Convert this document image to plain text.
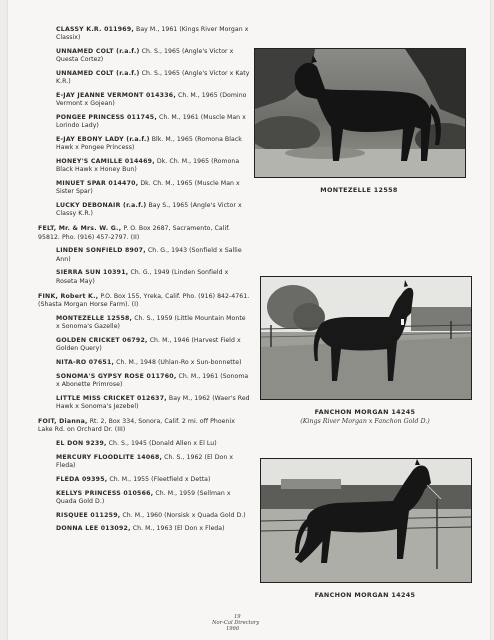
CLASSY K.R. 011969, Bay M., 1961 (Kings River Morgan x Classix)
UNNAMED COLT (r.a.f.) Ch. S., 1965 (Angle's Victor x Questa Cortez)
UNNAMED COLT (r.a.f.) Ch. S., 1965 (Angle's Victor x Katy K.R.)
E-JAY JEANNE VERMONT 014336, Ch. M., 1965 (Domino Vermont x Gojean)
PONGEE PRINCESS 011745, Ch. M., 1961 (Muscle Man x Lorindo Lady)
E-JAY EBONY LADY (r.a.f.) Blk. M., 1965 (Romona Black Hawk x Pongee Princess)
HONEY'S CAMILLE 014469, Dk. Ch. M., 1965 (Romona Black Hawk x Honey Bun)
MINUET SPAR 014470, Dk. Ch. M., 1965 (Muscle Man x Sister Spar)
LUCKY DEBONAIR (r.a.f.) Bay S., 1965 (Angle's Victor x Classy K.R.)
FELT, Mr. & Mrs. W. G., P. O. Box 2687, Sacramento, Calif. 95812. Pho. (916) 457-2797. (II)
LINDEN SONFIELD 8907, Ch. G., 1943 (Sonfield x Sallie Ann)
SIERRA SUN 10391, Ch. G., 1949 (Linden Sonfield x Roseta May)
FINK, Robert K., P.O. Box 155, Yreka, Calif. Pho. (916) 842-4761. (Shasta Morgan Horse Farm). (I)
MONTEZELLE 12558, Ch. S., 1959 (Little Mountain Monte x Sonoma's Gazelle)
GOLDEN CRICKET 06792, Ch. M., 1946 (Harvest Field x Golden Query)
NITA-RO 07651, Ch. M., 1948 (Uhlan-Ro x Sun-bonnette)
SONOMA'S GYPSY ROSE 011760, Ch. M., 1961 (Sonoma x Abonette Primrose)
LITTLE MISS CRICKET 012637, Bay M., 1962 (Waer's Red Hawk x Sonoma's Jezebel)
FOIT, Dianna, Rt. 2, Box 334, Sonora, Calif. 2 mi. off Phoenix Lake Rd. on Orchard Dr. (III)
EL DON 9239, Ch. S., 1945 (Donald Allen x El Lu)
MERCURY FLOODLITE 14068, Ch. S., 1962 (El Don x Fleda)
FLEDA 09395, Ch. M., 1955 (Fleetfield x Detta)
KELLYS PRINCESS 010566, Ch. M., 1959 (Sellman x Quada Gold D.)
RISQUEE 011259, Ch. M., 1960 (Norsisk x Quada Gold D.)
DONNA LEE 013092, Ch. M., 1963 (El Don x Fleda)
MONTEZELLE 12558
FANCHON MORGAN 14245
(Kings River Morgan x Fanchon Gold D.)
FANCHON MORGAN 14245
19
Nor-Cal Directory
1966
